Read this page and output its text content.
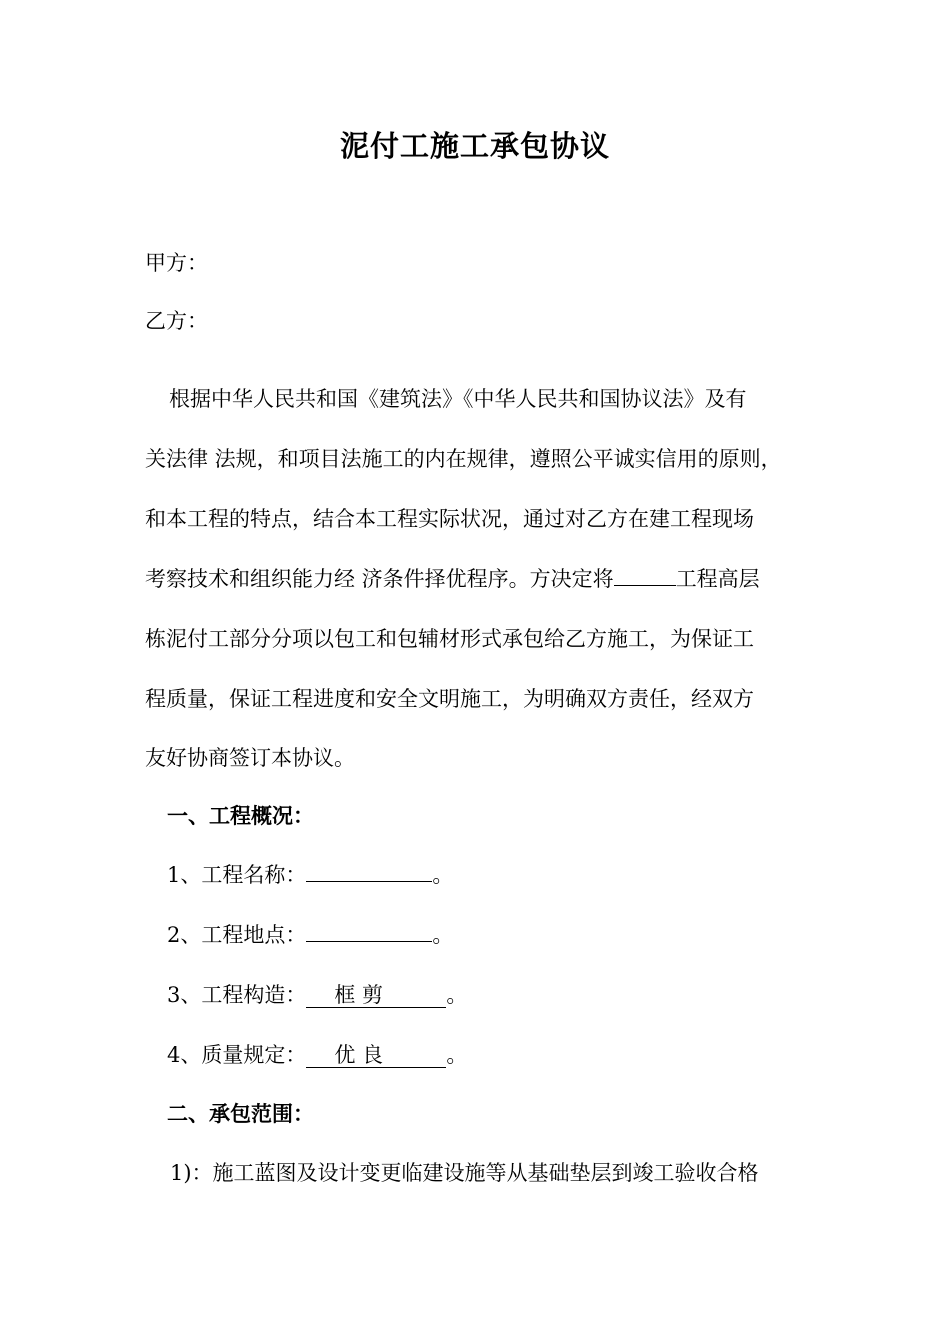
泥付工施工承包协议
甲方：
乙方：
根据中华人民共和国《建筑法》《中华人民共和国协议法》及有
关法律 法规，和项目法施工的内在规律，遵照公平诚实信用的原则，
和本工程的特点，结合本工程实际状况，通过对乙方在建工程现场
考察技术和组织能力经 济条件择优程序。方决定将	工程高层
栋泥付工部分分项以包工和包辅材形式承包给乙方施工，为保证工
程质量，保证工程进度和安全文明施工，为明确双方责任，经双方
友好协商签订本协议。
一、工程概况：
1、工程名称：	。
2、工程地点：	。
3、工程构造： 框 剪	。
4、质量规定： 优 良	。
二、承包范围：
1)：施工蓝图及设计变更临建设施等从基础垫层到竣工验收合格
